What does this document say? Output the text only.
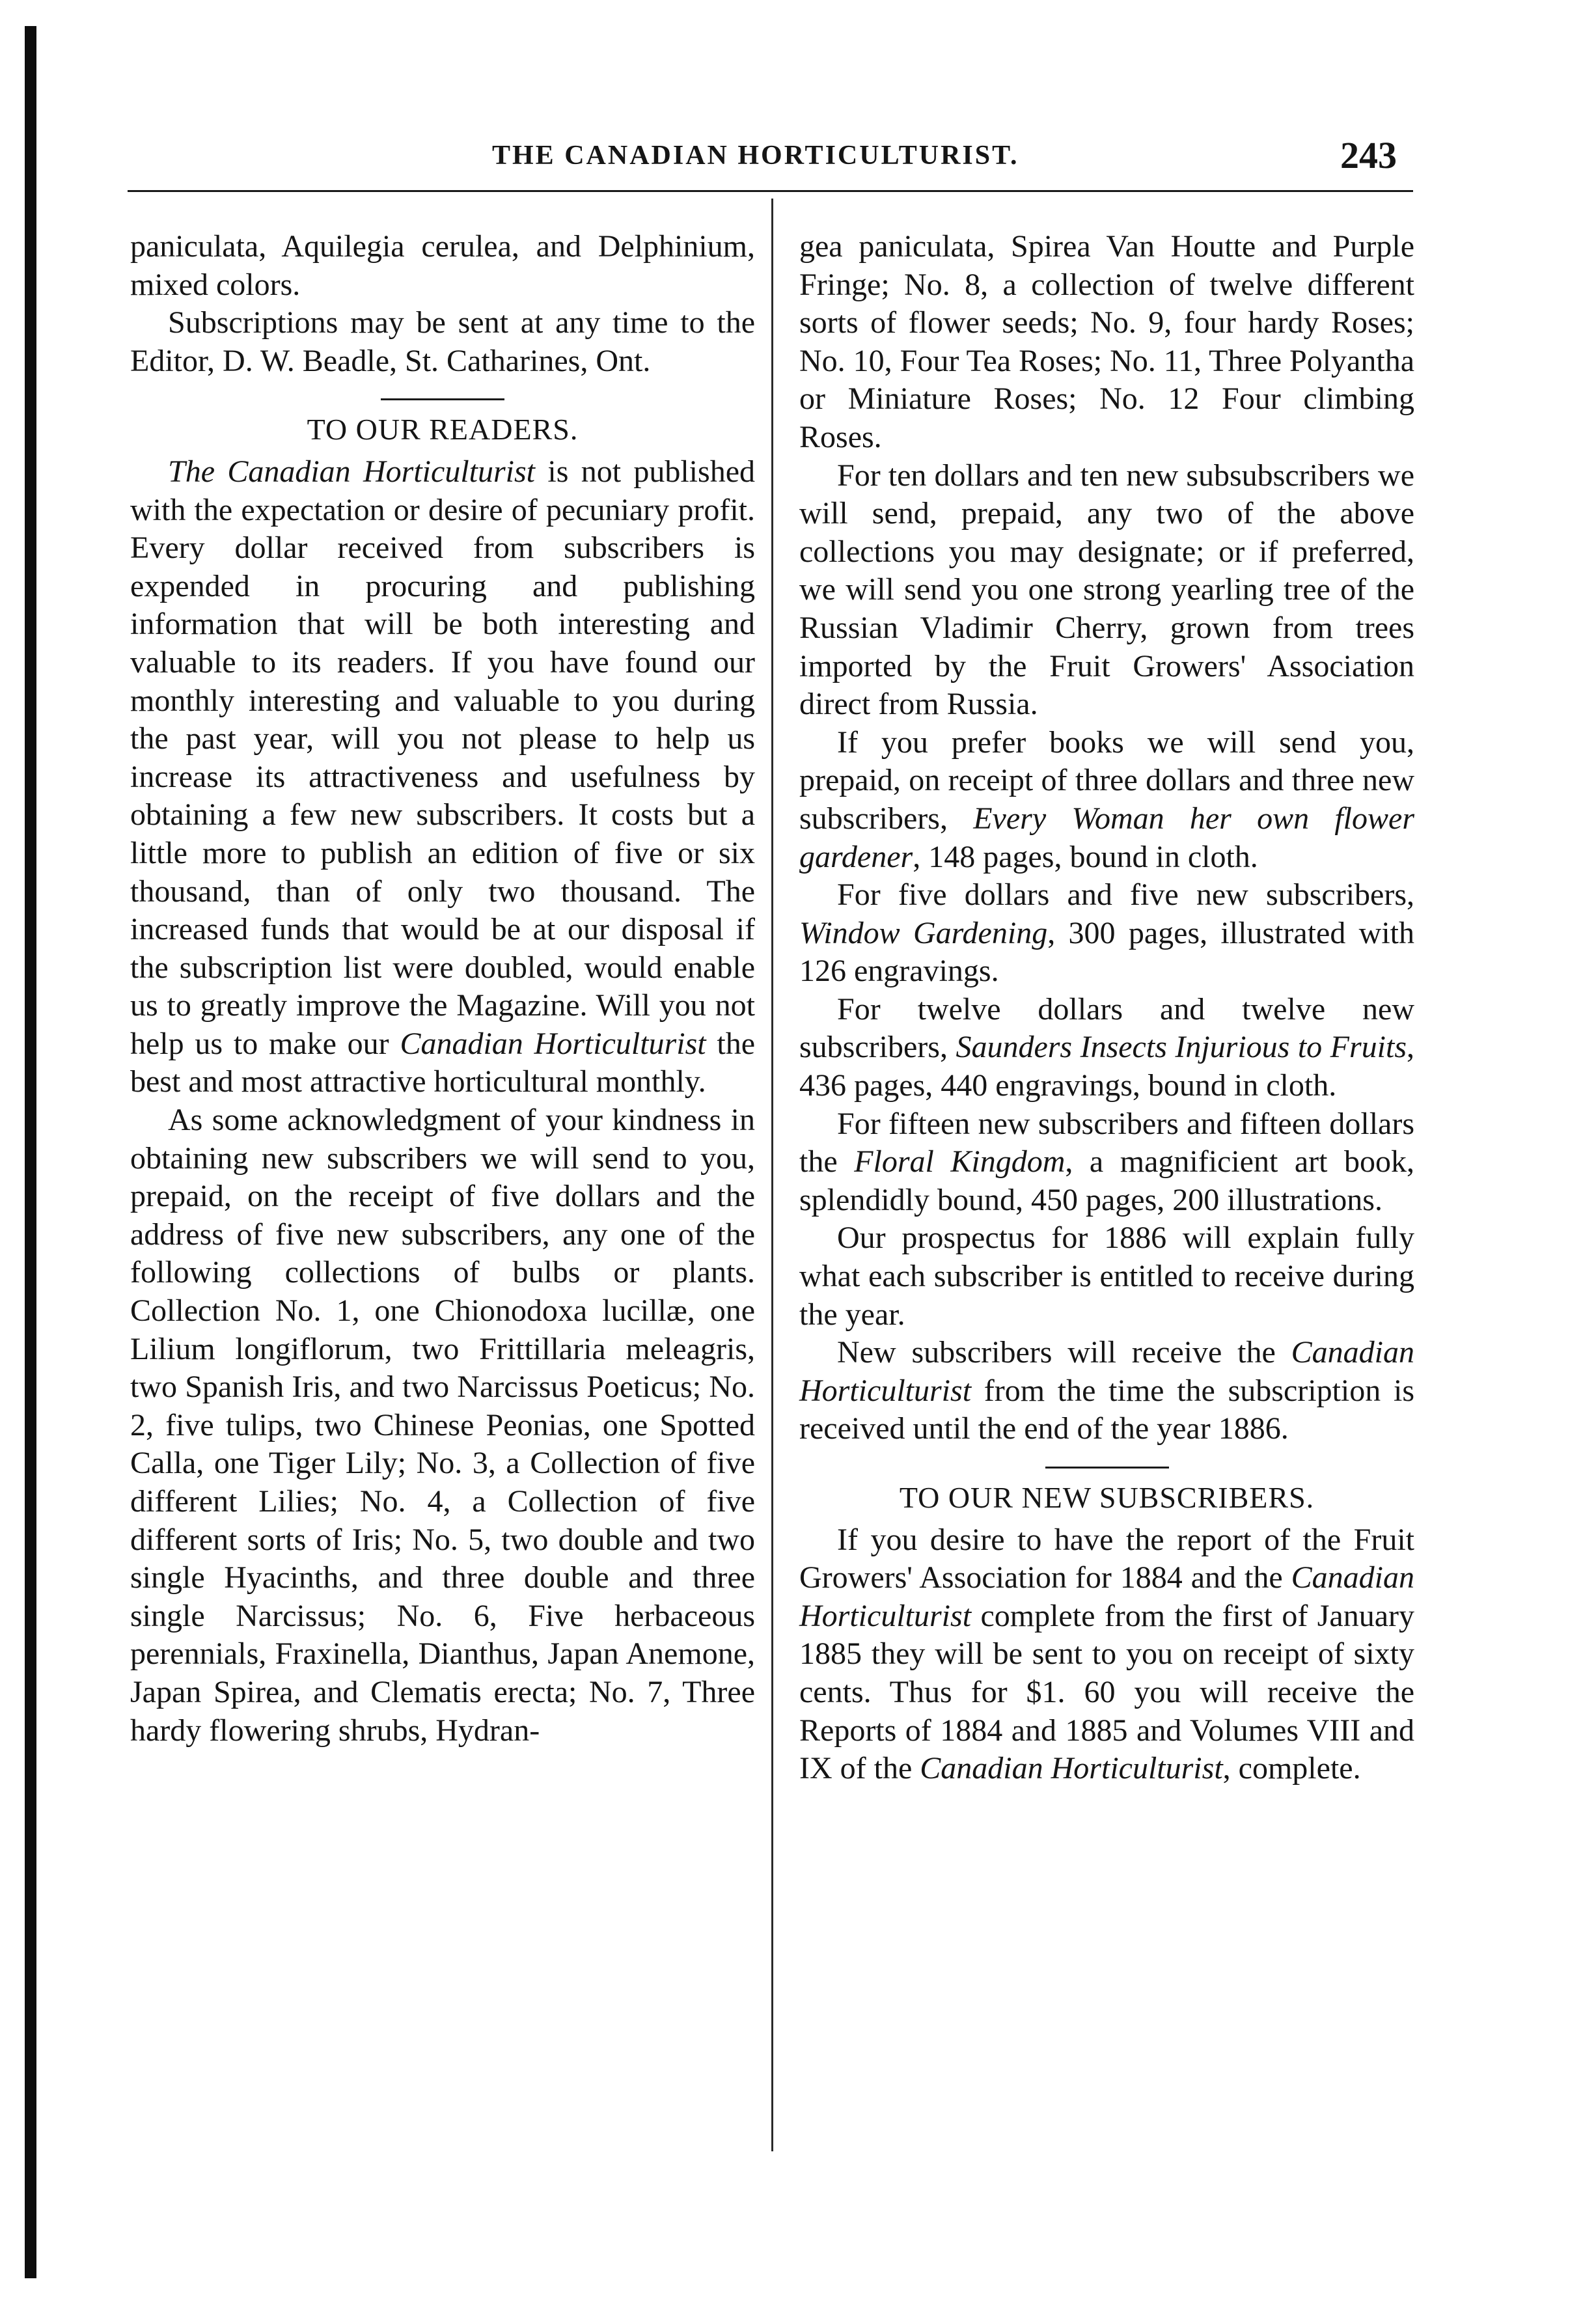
THE CANADIAN HORTICULTURIST.	243

paniculata, Aquilegia cerulea, and Delphinium, mixed colors.

Subscriptions may be sent at any time to the Editor, D. W. Beadle, St. Catharines, Ont.

TO OUR READERS.

The Canadian Horticulturist is not published with the expectation or desire of pecuniary profit. Every dollar received from subscribers is expended in procuring and publishing information that will be both interesting and valuable to its readers. If you have found our monthly interesting and valuable to you during the past year, will you not please to help us increase its attractiveness and usefulness by obtaining a few new subscribers. It costs but a little more to publish an edition of five or six thousand, than of only two thousand. The increased funds that would be at our disposal if the subscription list were doubled, would enable us to greatly improve the Magazine. Will you not help us to make our Canadian Horticulturist the best and most attractive horticultural monthly.

As some acknowledgment of your kindness in obtaining new subscribers we will send to you, prepaid, on the receipt of five dollars and the address of five new subscribers, any one of the following collections of bulbs or plants. Collection No. 1, one Chionodoxa lucillæ, one Lilium longiflorum, two Frittillaria meleagris, two Spanish Iris, and two Narcissus Poeticus; No. 2, five tulips, two Chinese Peonias, one Spotted Calla, one Tiger Lily; No. 3, a Collection of five different Lilies; No. 4, a Collection of five different sorts of Iris; No. 5, two double and two single Hyacinths, and three double and three single Narcissus; No. 6, Five herbaceous perennials, Fraxinella, Dianthus, Japan Anemone, Japan Spirea, and Clematis erecta; No. 7, Three hardy flowering shrubs, Hydran-

gea paniculata, Spirea Van Houtte and Purple Fringe; No. 8, a collection of twelve different sorts of flower seeds; No. 9, four hardy Roses; No. 10, Four Tea Roses; No. 11, Three Polyantha or Miniature Roses; No. 12 Four climbing Roses.

For ten dollars and ten new subsubscribers we will send, prepaid, any two of the above collections you may designate; or if preferred, we will send you one strong yearling tree of the Russian Vladimir Cherry, grown from trees imported by the Fruit Growers' Association direct from Russia.

If you prefer books we will send you, prepaid, on receipt of three dollars and three new subscribers, Every Woman her own flower gardener, 148 pages, bound in cloth.

For five dollars and five new subscribers, Window Gardening, 300 pages, illustrated with 126 engravings.

For twelve dollars and twelve new subscribers, Saunders Insects Injurious to Fruits, 436 pages, 440 engravings, bound in cloth.

For fifteen new subscribers and fifteen dollars the Floral Kingdom, a magnificient art book, splendidly bound, 450 pages, 200 illustrations.

Our prospectus for 1886 will explain fully what each subscriber is entitled to receive during the year.

New subscribers will receive the Canadian Horticulturist from the time the subscription is received until the end of the year 1886.

TO OUR NEW SUBSCRIBERS.

If you desire to have the report of the Fruit Growers' Association for 1884 and the Canadian Horticulturist complete from the first of January 1885 they will be sent to you on receipt of sixty cents. Thus for $1. 60 you will receive the Reports of 1884 and 1885 and Volumes VIII and IX of the Canadian Horticulturist, complete.
